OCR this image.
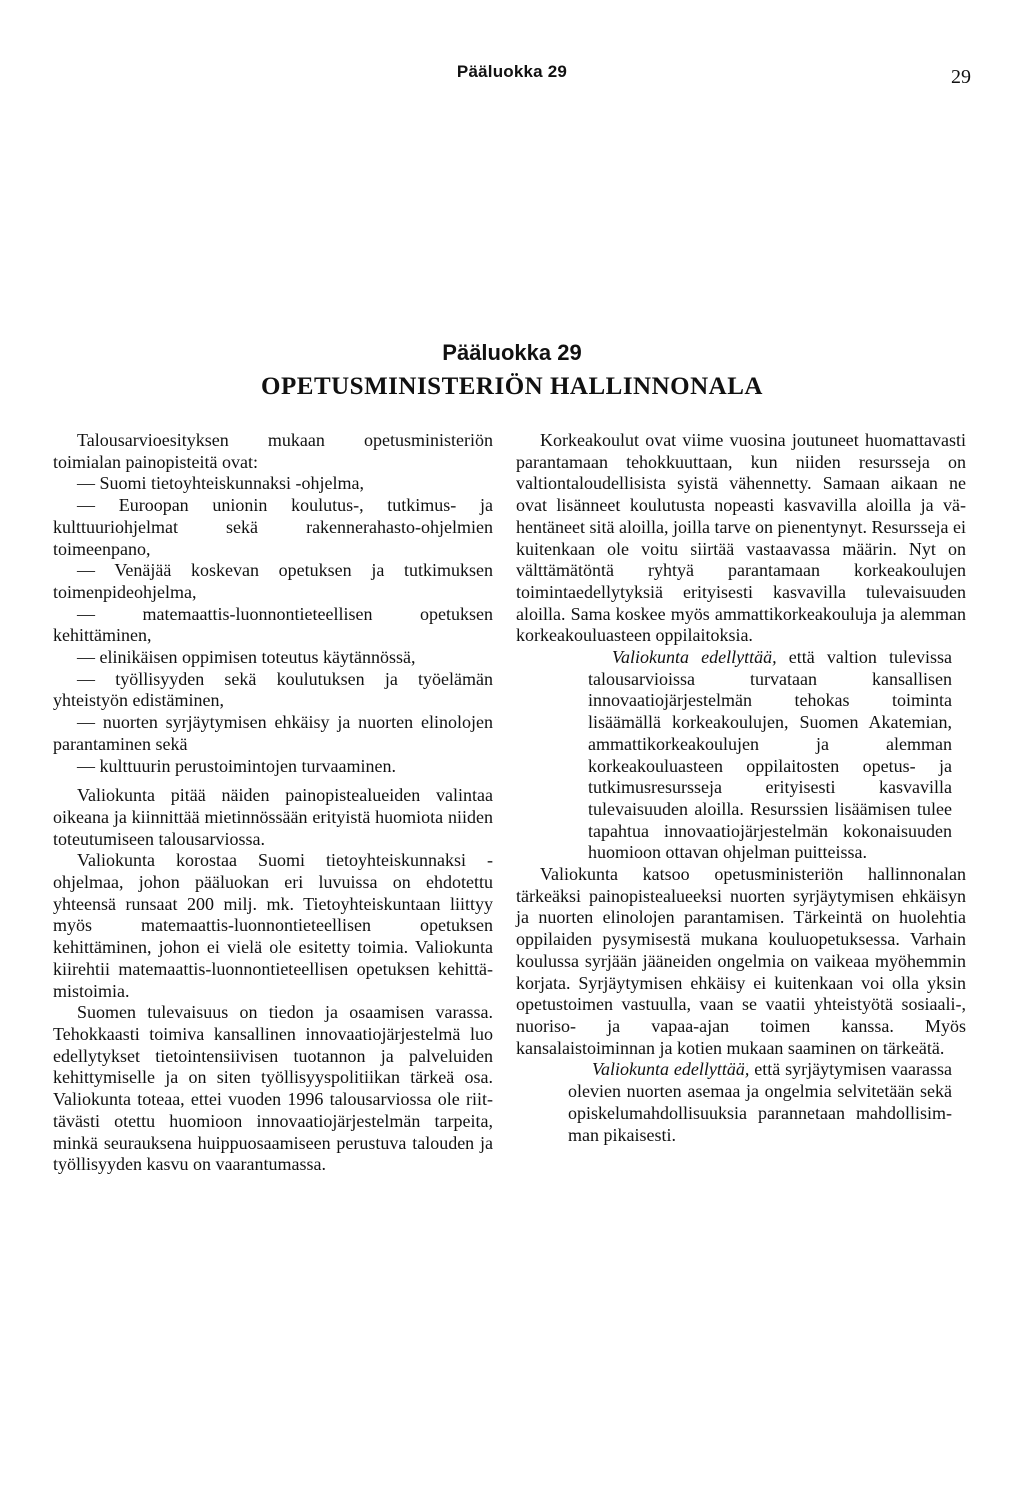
Pääluokka 29	29
Pääluokka 29
OPETUSMINISTERIÖN HALLINNONALA

Talousarvioesityksen mukaan opetusministeriön toimialan painopisteitä ovat:

— Suomi tietoyhteiskunnaksi -ohjelma,

— Euroopan unionin koulutus-, tutkimus- ja kulttuuriohjelmat sekä rakennerahasto-ohjelmien toimeenpano,

— Venäjää koskevan opetuksen ja tutkimuksen toimenpideohjelma,

— matemaattis-luonnontieteellisen opetuksen kehittäminen,

— elinikäisen oppimisen toteutus käytännössä,

— työllisyyden sekä koulutuksen ja työelämän yhteistyön edistäminen,

— nuorten syrjäytymisen ehkäisy ja nuorten elinolojen parantaminen sekä

— kulttuurin perustoimintojen turvaaminen.

Valiokunta pitää näiden painopistealueiden valintaa oikeana ja kiinnittää mietinnössään erityistä huomiota niiden toteutumiseen talousarviossa.

Valiokunta korostaa Suomi tietoyhteiskunnaksi -ohjelmaa, johon pääluokan eri luvuissa on ehdotettu yhteensä runsaat 200 milj. mk. Tietoyhteiskuntaan liittyy myös matemaattis-luonnontieteellisen opetuksen kehittäminen, johon ei vielä ole esitetty toimia. Valiokunta kiirehtii matemaattis-luonnontieteellisen opetuksen kehittämistoimia.

Suomen tulevaisuus on tiedon ja osaamisen varassa. Tehokkaasti toimiva kansallinen innovaatiojärjestelmä luo edellytykset tietointensiivisen tuotannon ja palveluiden kehittymiselle ja on siten työllisyyspolitiikan tärkeä osa. Valiokunta toteaa, ettei vuoden 1996 talousarviossa ole riittävästi otettu huomioon innovaatiojärjestelmän tarpeita, minkä seurauksena huippuosaamiseen perustuva talouden ja työllisyyden kasvu on vaarantumassa.

Korkeakoulut ovat viime vuosina joutuneet huomattavasti parantamaan tehokkuuttaan, kun niiden resursseja on valtiontaloudellisista syistä vähennetty. Samaan aikaan ne ovat lisänneet koulutusta nopeasti kasvavilla aloilla ja vähentäneet sitä aloilla, joilla tarve on pienentynyt. Resursseja ei kuitenkaan ole voitu siirtää vastaavassa määrin. Nyt on välttämätöntä ryhtyä parantamaan korkeakoulujen toimintaedellytyksiä erityisesti kasvavilla tulevaisuuden aloilla. Sama koskee myös ammattikorkeakouluja ja alemman korkeakouluasteen oppilaitoksia.

Valiokunta edellyttää, että valtion tulevissa talousarvioissa turvataan kansallisen innovaatiojärjestelmän tehokas toiminta lisäämällä korkeakoulujen, Suomen Akatemian, ammattikorkeakoulujen ja alemman korkeakouluasteen oppilaitosten opetus- ja tutkimusresursseja erityisesti kasvavilla tulevaisuuden aloilla. Resurssien lisäämisen tulee tapahtua innovaatiojärjestelmän kokonaisuuden huomioon ottavan ohjelman puitteissa.

Valiokunta katsoo opetusministeriön hallinnonalan tärkeäksi painopistealueeksi nuorten syrjäytymisen ehkäisyn ja nuorten elinolojen parantamisen. Tärkeintä on huolehtia oppilaiden pysymisestä mukana kouluopetuksessa. Varhain koulussa syrjään jääneiden ongelmia on vaikeaa myöhemmin korjata. Syrjäytymisen ehkäisy ei kuitenkaan voi olla yksin opetustoimen vastuulla, vaan se vaatii yhteistyötä sosiaali-, nuoriso- ja vapaa-ajan toimen kanssa. Myös kansalaistoiminnan ja kotien mukaan saaminen on tärkeätä.

Valiokunta edellyttää, että syrjäytymisen vaarassa olevien nuorten asemaa ja ongelmia selvitetään sekä opiskelumahdollisuuksia parannetaan mahdollisimman pikaisesti.
